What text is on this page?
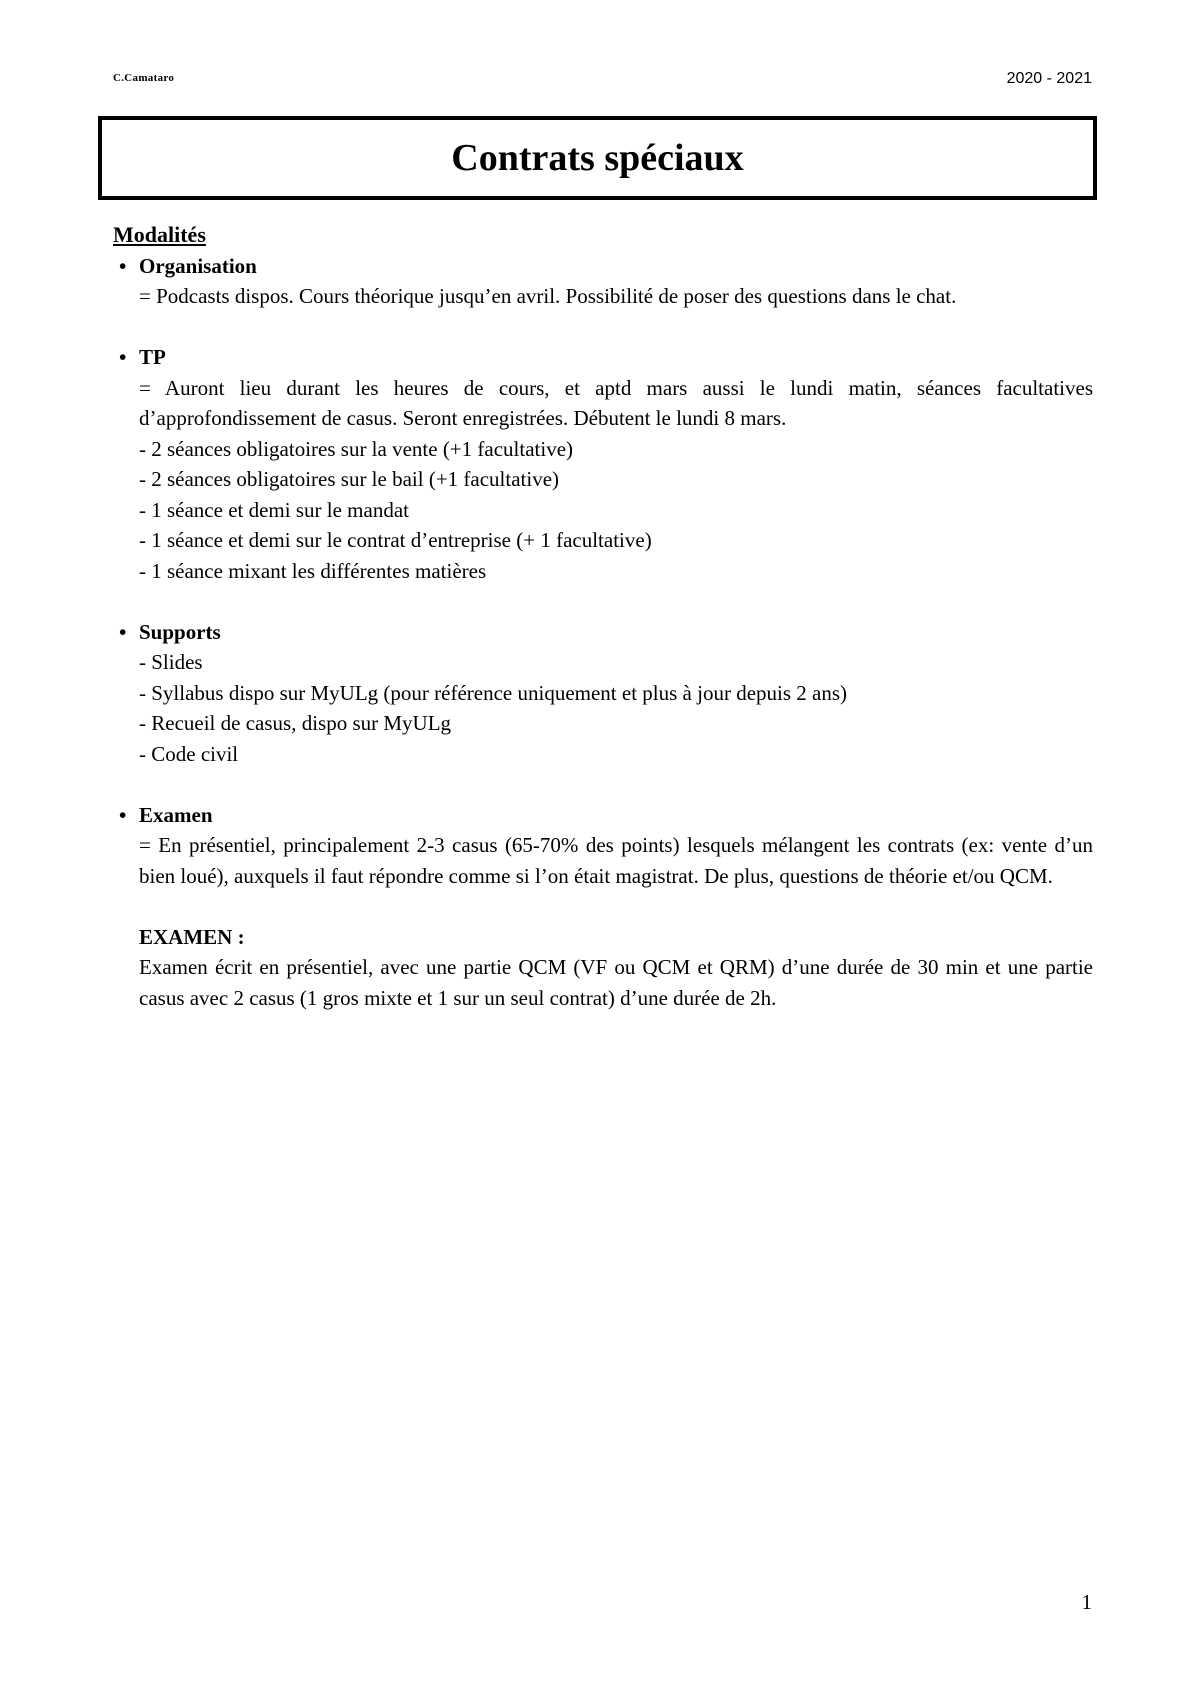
C.Camataro	2020 - 2021
Contrats spéciaux
Modalités
• Organisation
= Podcasts dispos. Cours théorique jusqu’en avril. Possibilité de poser des questions dans le chat.
• TP
= Auront lieu durant les heures de cours, et aptd mars aussi le lundi matin, séances facultatives d’approfondissement de casus. Seront enregistrées. Débutent le lundi 8 mars.
- 2 séances obligatoires sur la vente (+1 facultative)
- 2 séances obligatoires sur le bail (+1 facultative)
- 1 séance et demi sur le mandat
- 1 séance et demi sur le contrat d’entreprise (+ 1 facultative)
- 1 séance mixant les différentes matières
• Supports
- Slides
- Syllabus dispo sur MyULg (pour référence uniquement et plus à jour depuis 2 ans)
- Recueil de casus, dispo sur MyULg
- Code civil
• Examen
= En présentiel, principalement 2-3 casus (65-70% des points) lesquels mélangent les contrats (ex: vente d’un bien loué), auxquels il faut répondre comme si l’on était magistrat. De plus, questions de théorie et/ou QCM.
EXAMEN :
Examen écrit en présentiel, avec une partie QCM (VF ou QCM et QRM) d’une durée de 30 min et une partie casus avec 2 casus (1 gros mixte et 1 sur un seul contrat) d’une durée de 2h.
1
